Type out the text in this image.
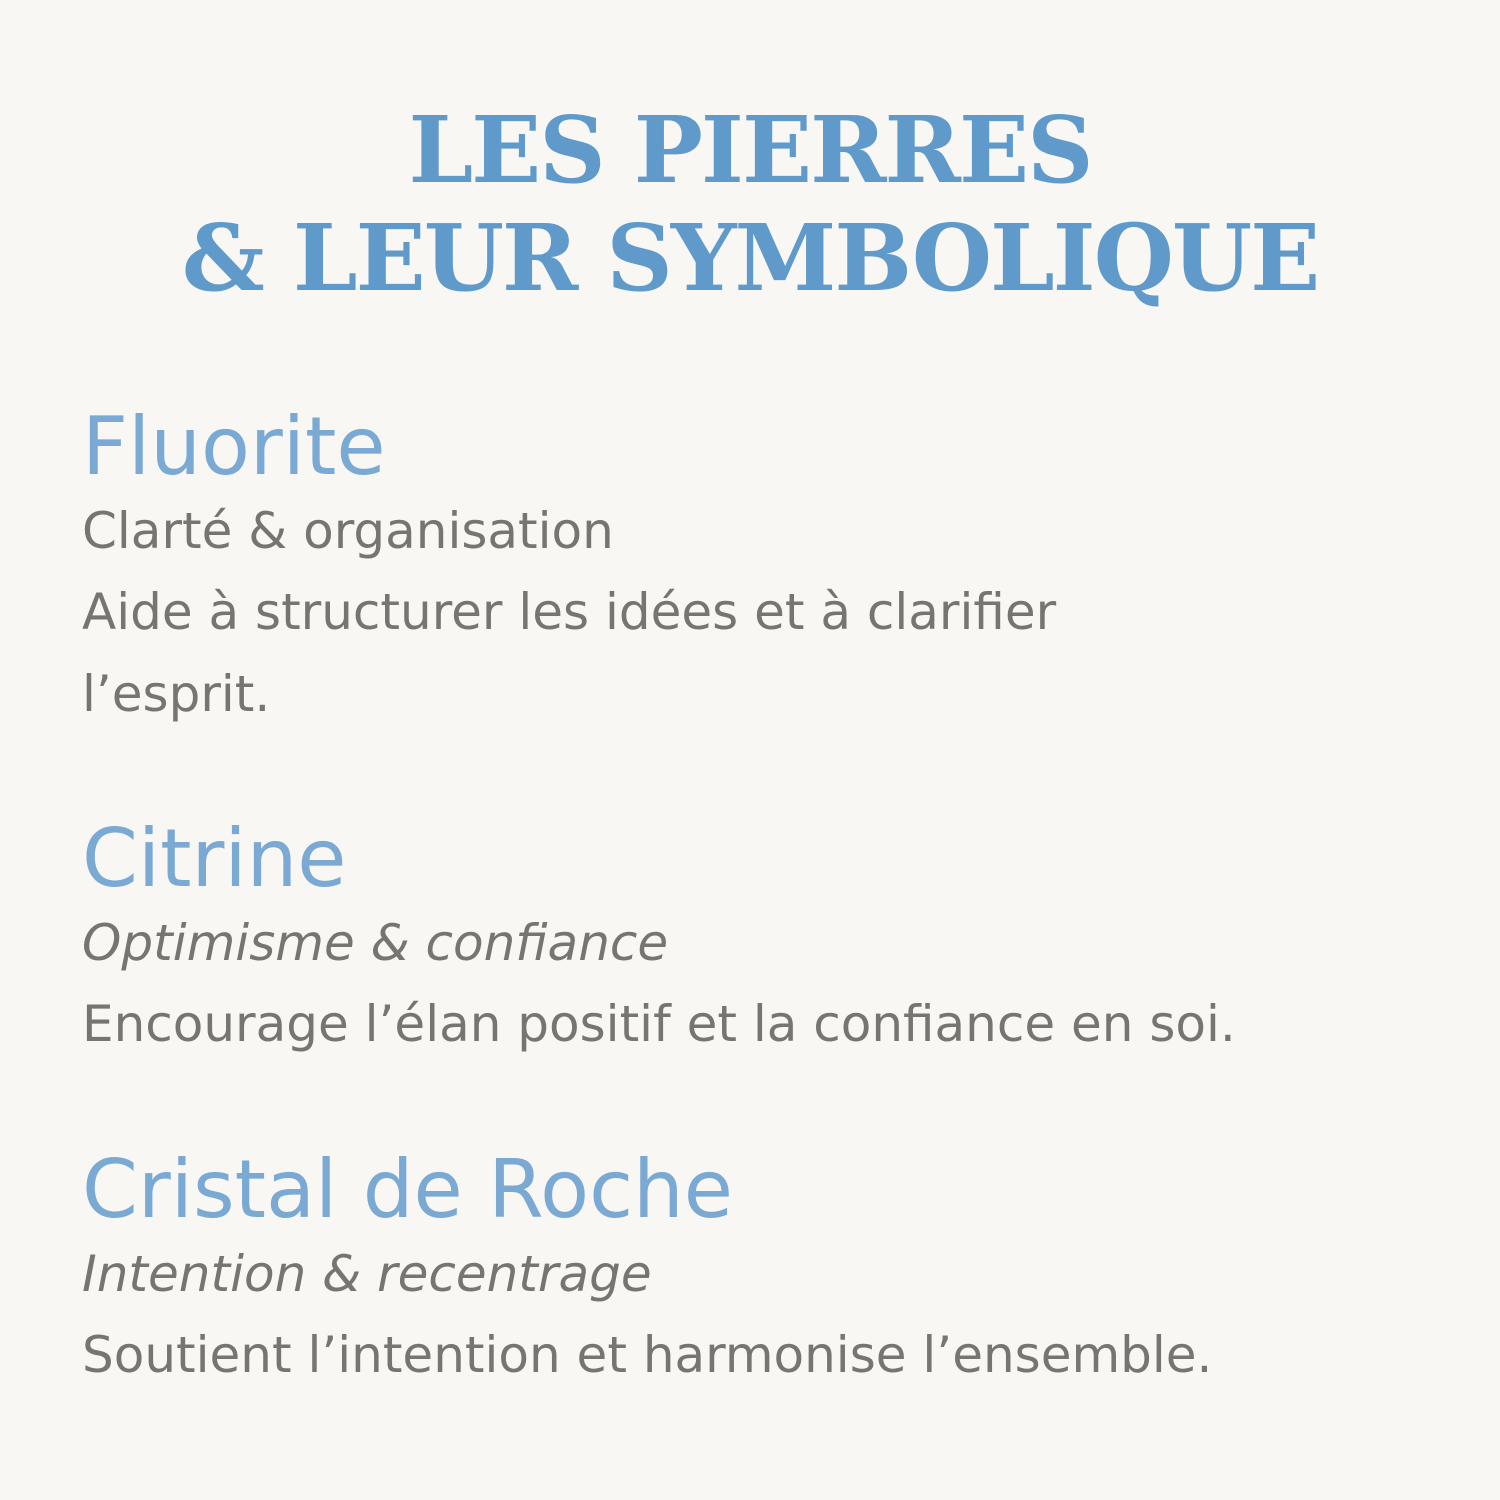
LES PIERRES
& LEUR SYMBOLIQUE
Fluorite
Clarté & organisation
Aide à structurer les idées et à clarifier
l’esprit.
Citrine
Optimisme & confiance
Encourage l’élan positif et la confiance en soi.
Cristal de Roche
Intention & recentrage
Soutient l’intention et harmonise l’ensemble.
